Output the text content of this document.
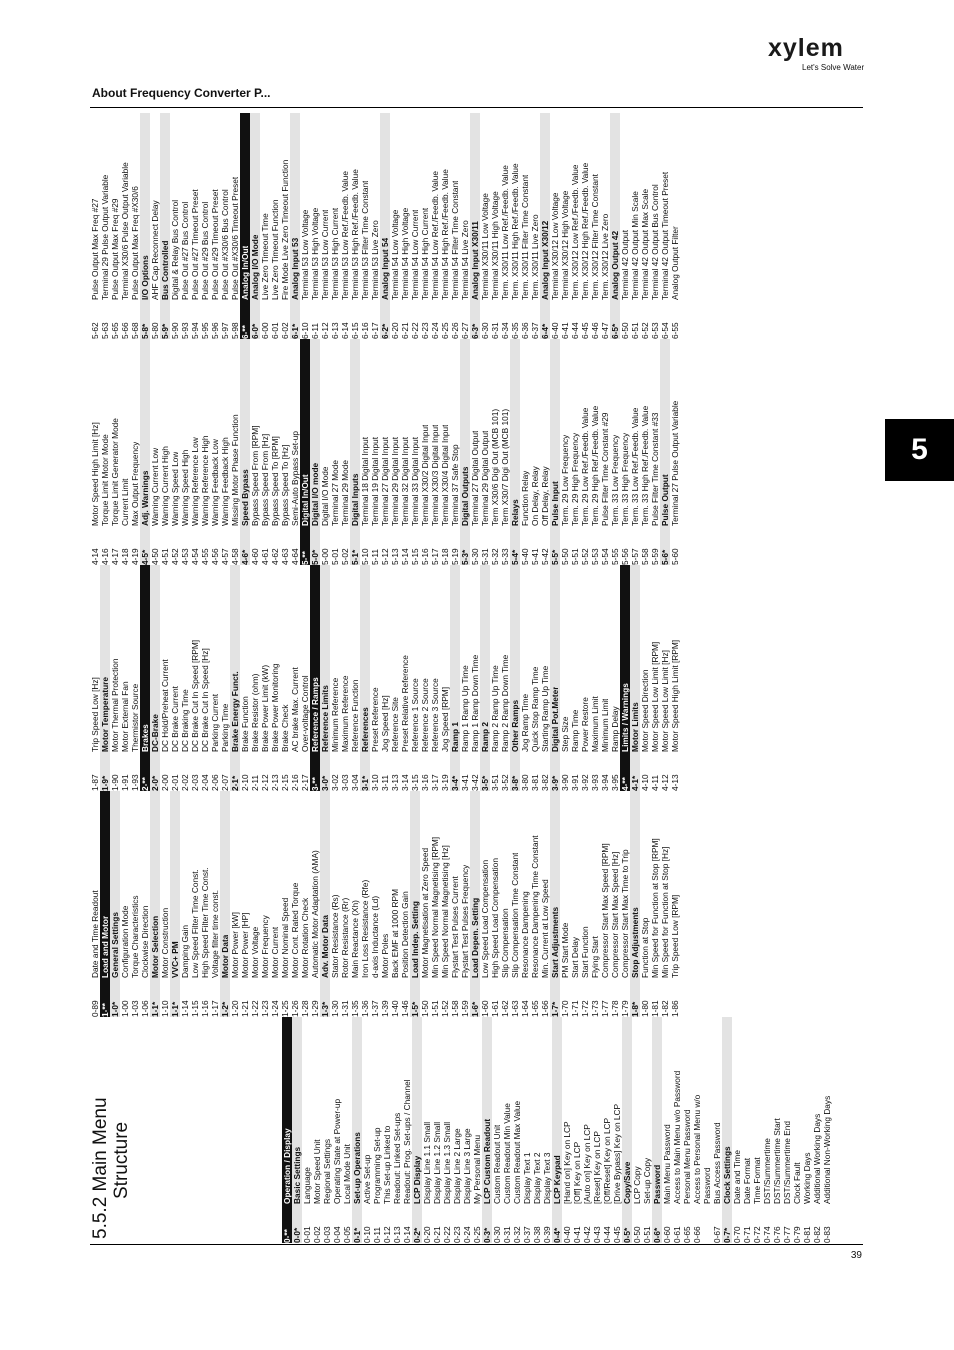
xylem
Let's Solve Water
About Frequency Converter P...
5
5.5.2 Main Menu Structure
0-**
Operation / Display
0-0*
Basic Settings
0-01
Language
0-02
Motor Speed Unit
0-03
Regional Settings
0-04
Operating State at Power-up
0-05
Local Mode Unit
0-1*
Set-up Operations
0-10
Active Set-up
0-11
Programming Set-up
0-12
This Set-up Linked to
0-13
Readout: Linked Set-ups
0-14
Readout: Prog. Set-ups / Channel
0-2*
LCP Display
0-20
Display Line 1.1 Small
0-21
Display Line 1.2 Small
0-22
Display Line 1.3 Small
0-23
Display Line 2 Large
0-24
Display Line 3 Large
0-25
My Personal Menu
0-3*
LCP Custom Readout
0-30
Custom Readout Unit
0-31
Custom Readout Min Value
0-32
Custom Readout Max Value
0-37
Display Text 1
0-38
Display Text 2
0-39
Display Text 3
0-4*
LCP Keypad
0-40
[Hand on] Key on LCP
0-41
[Off] Key on LCP
0-42
[Auto on] Key on LCP
0-43
[Reset] Key on LCP
0-44
[Off/Reset] Key on LCP
0-45
[Drive Bypass] Key on LCP
0-5*
Copy/Save
0-50
LCP Copy
0-51
Set-up Copy
0-6*
Password
0-60
Main Menu Password
0-61
Access to Main Menu w/o Password
0-65
Personal Menu Password
0-66
Access to Personal Menu w/o Password
0-67
Bus Access Password
0-7*
Clock Settings
0-70
Date and Time
0-71
Date Format
0-72
Time Format
0-74
DST/Summertime
0-76
DST/Summertime Start
0-77
DST/Summertime End
0-79
Clock Fault
0-81
Working Days
0-82
Additional Working Days
0-83
Additional Non-Working Days
0-89
Date and Time Readout
1-**
Load and Motor
1-0*
General Settings
1-00
Configuration Mode
1-03
Torque Characteristics
1-06
Clockwise Direction
1-1*
Motor Selection
1-10
Motor Construction
1-1*
VVC+ PM
1-14
Damping Gain
1-15
Low Speed Filter Time Const.
1-16
High Speed Filter Time Const.
1-17
Voltage filter time const.
1-2*
Motor Data
1-20
Motor Power [kW]
1-21
Motor Power [HP]
1-22
Motor Voltage
1-23
Motor Frequency
1-24
Motor Current
1-25
Motor Nominal Speed
1-26
Motor Cont. Rated Torque
1-28
Motor Rotation Check
1-29
Automatic Motor Adaptation (AMA)
1-3*
Adv. Motor Data
1-30
Stator Resistance (Rs)
1-31
Rotor Resistance (Rr)
1-35
Main Reactance (Xh)
1-36
Iron Loss Resistance (Rfe)
1-37
d-axis Inductance (Ld)
1-39
Motor Poles
1-40
Back EMF at 1000 RPM
1-46
Position Detection Gain
1-5*
Load Indep. Setting
1-50
Motor Magnetisation at Zero Speed
1-51
Min Speed Normal Magnetising [RPM]
1-52
Min Speed Normal Magnetising [Hz]
1-58
Flystart Test Pulses Current
1-59
Flystart Test Pulses Frequency
1-6*
Load Depen. Setting
1-60
Low Speed Load Compensation
1-61
High Speed Load Compensation
1-62
Slip Compensation
1-63
Slip Compensation Time Constant
1-64
Resonance Dampening
1-65
Resonance Dampening Time Constant
1-66
Min. Current at Low Speed
1-7*
Start Adjustments
1-70
PM Start Mode
1-71
Start Delay
1-72
Start Function
1-73
Flying Start
1-77
Compressor Start Max Speed [RPM]
1-78
Compressor Start Max Speed [Hz]
1-79
Compressor Start Max Time to Trip
1-8*
Stop Adjustments
1-80
Function at Stop
1-81
Min Speed for Function at Stop [RPM]
1-82
Min Speed for Function at Stop [Hz]
1-86
Trip Speed Low [RPM]
1-87
Trip Speed Low [Hz]
1-9*
Motor Temperature
1-90
Motor Thermal Protection
1-91
Motor External Fan
1-93
Thermistor Source
2-**
Brakes
2-0*
DC-Brake
2-00
DC Hold/Preheat Current
2-01
DC Brake Current
2-02
DC Braking Time
2-03
DC Brake Cut In Speed [RPM]
2-04
DC Brake Cut In Speed [Hz]
2-06
Parking Current
2-07
Parking Time
2-1*
Brake Energy Funct.
2-10
Brake Function
2-11
Brake Resistor (ohm)
2-12
Brake Power Limit (kW)
2-13
Brake Power Monitoring
2-15
Brake Check
2-16
AC brake Max. Current
2-17
Over-voltage Control
3-**
Reference / Ramps
3-0*
Reference Limits
3-02
Minimum Reference
3-03
Maximum Reference
3-04
Reference Function
3-1*
References
3-10
Preset Reference
3-11
Jog Speed [Hz]
3-13
Reference Site
3-14
Preset Relative Reference
3-15
Reference 1 Source
3-16
Reference 2 Source
3-17
Reference 3 Source
3-19
Jog Speed [RPM]
3-4*
Ramp 1
3-41
Ramp 1 Ramp Up Time
3-42
Ramp 1 Ramp Down Time
3-5*
Ramp 2
3-51
Ramp 2 Ramp Up Time
3-52
Ramp 2 Ramp Down Time
3-8*
Other Ramps
3-80
Jog Ramp Time
3-81
Quick Stop Ramp Time
3-82
Starting Ramp Up Time
3-9*
Digital Pot.Meter
3-90
Step Size
3-91
Ramp Time
3-92
Power Restore
3-93
Maximum Limit
3-94
Minimum Limit
3-95
Ramp Delay
4-**
Limits / Warnings
4-1*
Motor Limits
4-10
Motor Speed Direction
4-11
Motor Speed Low Limit [RPM]
4-12
Motor Speed Low Limit [Hz]
4-13
Motor Speed High Limit [RPM]
4-14
Motor Speed High Limit [Hz]
4-16
Torque Limit Motor Mode
4-17
Torque Limit Generator Mode
4-18
Current Limit
4-19
Max Output Frequency
4-5*
Adj. Warnings
4-50
Warning Current Low
4-51
Warning Current High
4-52
Warning Speed Low
4-53
Warning Speed High
4-54
Warning Reference Low
4-55
Warning Reference High
4-56
Warning Feedback Low
4-57
Warning Feedback High
4-58
Missing Motor Phase Function
4-6*
Speed Bypass
4-60
Bypass Speed From [RPM]
4-61
Bypass Speed From [Hz]
4-62
Bypass Speed To [RPM]
4-63
Bypass Speed To [Hz]
4-64
Semi-Auto Bypass Set-up
5-**
Digital In/Out
5-0*
Digital I/O mode
5-00
Digital I/O Mode
5-01
Terminal 27 Mode
5-02
Terminal 29 Mode
5-1*
Digital Inputs
5-10
Terminal 18 Digital Input
5-11
Terminal 19 Digital Input
5-12
Terminal 27 Digital Input
5-13
Terminal 29 Digital Input
5-14
Terminal 32 Digital Input
5-15
Terminal 33 Digital Input
5-16
Terminal X30/2 Digital Input
5-17
Terminal X30/3 Digital Input
5-18
Terminal X30/4 Digital Input
5-19
Terminal 37 Safe Stop
5-3*
Digital Outputs
5-30
Terminal 27 Digital Output
5-31
Terminal 29 Digital Output
5-32
Term X30/6 Digi Out (MCB 101)
5-33
Term X30/7 Digi Out (MCB 101)
5-4*
Relays
5-40
Function Relay
5-41
On Delay, Relay
5-42
Off Delay, Relay
5-5*
Pulse Input
5-50
Term. 29 Low Frequency
5-51
Term. 29 High Frequency
5-52
Term. 29 Low Ref./Feedb. Value
5-53
Term. 29 High Ref./Feedb. Value
5-54
Pulse Filter Time Constant #29
5-55
Term. 33 Low Frequency
5-56
Term. 33 High Frequency
5-57
Term. 33 Low Ref./Feedb. Value
5-58
Term. 33 High Ref./Feedb. Value
5-59
Pulse Filter Time Constant #33
5-6*
Pulse Output
5-60
Terminal 27 Pulse Output Variable
5-62
Pulse Output Max Freq #27
5-63
Terminal 29 Pulse Output Variable
5-65
Pulse Output Max Freq #29
5-66
Terminal X30/6 Pulse Output Variable
5-68
Pulse Output Max Freq #X30/6
5-8*
I/O Options
5-80
AHF Cap Reconnect Delay
5-9*
Bus Controlled
5-90
Digital & Relay Bus Control
5-93
Pulse Out #27 Bus Control
5-94
Pulse Out #27 Timeout Preset
5-95
Pulse Out #29 Bus Control
5-96
Pulse Out #29 Timeout Preset
5-97
Pulse Out #X30/6 Bus Control
5-98
Pulse Out #X30/6 Timeout Preset
6-**
Analog In/Out
6-0*
Analog I/O Mode
6-00
Live Zero Timeout Time
6-01
Live Zero Timeout Function
6-02
Fire Mode Live Zero Timeout Function
6-1*
Analog Input 53
6-10
Terminal 53 Low Voltage
6-11
Terminal 53 High Voltage
6-12
Terminal 53 Low Current
6-13
Terminal 53 High Current
6-14
Terminal 53 Low Ref./Feedb. Value
6-15
Terminal 53 High Ref./Feedb. Value
6-16
Terminal 53 Filter Time Constant
6-17
Terminal 53 Live Zero
6-2*
Analog Input 54
6-20
Terminal 54 Low Voltage
6-21
Terminal 54 High Voltage
6-22
Terminal 54 Low Current
6-23
Terminal 54 High Current
6-24
Terminal 54 Low Ref./Feedb. Value
6-25
Terminal 54 High Ref./Feedb. Value
6-26
Terminal 54 Filter Time Constant
6-27
Terminal 54 Live Zero
6-3*
Analog Input X30/11
6-30
Terminal X30/11 Low Voltage
6-31
Terminal X30/11 High Voltage
6-34
Term. X30/11 Low Ref./Feedb. Value
6-35
Term. X30/11 High Ref./Feedb. Value
6-36
Term. X30/11 Filter Time Constant
6-37
Term. X30/11 Live Zero
6-4*
Analog Input X30/12
6-40
Terminal X30/12 Low Voltage
6-41
Terminal X30/12 High Voltage
6-44
Term. X30/12 Low Ref./Feedb. Value
6-45
Term. X30/12 High Ref./Feedb. Value
6-46
Term. X30/12 Filter Time Constant
6-47
Term. X30/12 Live Zero
6-5*
Analog Output 42
6-50
Terminal 42 Output
6-51
Terminal 42 Output Min Scale
6-52
Terminal 42 Output Max Scale
6-53
Terminal 42 Output Bus Control
6-54
Terminal 42 Output Timeout Preset
6-55
Analog Output Filter
39
